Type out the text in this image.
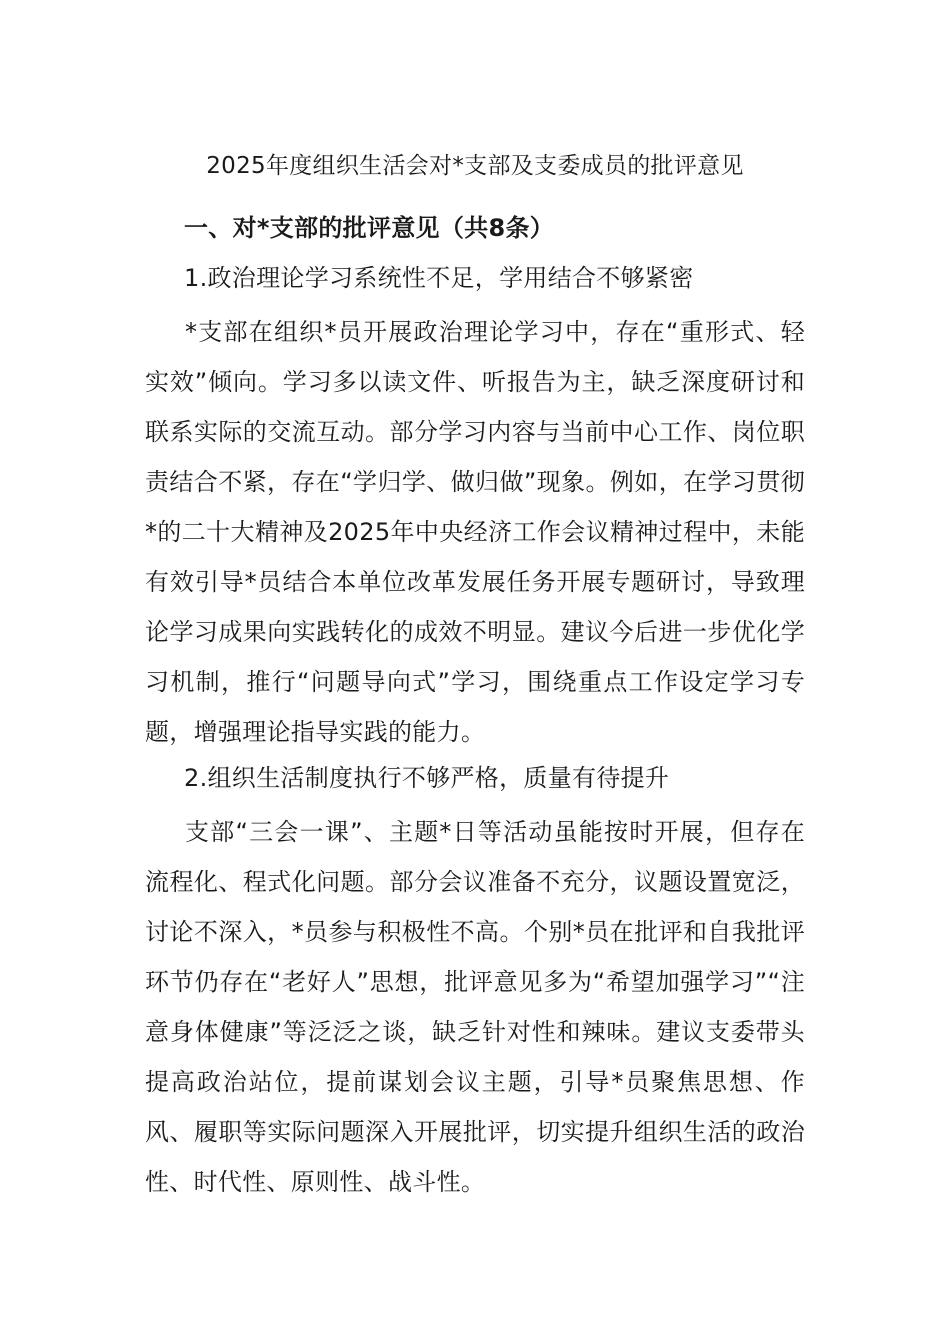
2025年度组织生活会对*支部及支委成员的批评意见
一、对*支部的批评意见（共8条）
1.政治理论学习系统性不足，学用结合不够紧密

*支部在组织*员开展政治理论学习中，存在“重形式、轻实效”倾向。学习多以读文件、听报告为主，缺乏深度研讨和联系实际的交流互动。部分学习内容与当前中心工作、岗位职责结合不紧，存在“学归学、做归做”现象。例如，在学习贯彻*的二十大精神及2025年中央经济工作会议精神过程中，未能有效引导*员结合本单位改革发展任务开展专题研讨，导致理论学习成果向实践转化的成效不明显。建议今后进一步优化学习机制，推行“问题导向式”学习，围绕重点工作设定学习专题，增强理论指导实践的能力。

2.组织生活制度执行不够严格，质量有待提升

支部“三会一课”、主题*日等活动虽能按时开展，但存在流程化、程式化问题。部分会议准备不充分，议题设置宽泛，讨论不深入，*员参与积极性不高。个别*员在批评和自我批评环节仍存在“老好人”思想，批评意见多为“希望加强学习”“注意身体健康”等泛泛之谈，缺乏针对性和辣味。建议支委带头提高政治站位，提前谋划会议主题，引导*员聚焦思想、作风、履职等实际问题深入开展批评，切实提升组织生活的政治性、时代性、原则性、战斗性。
